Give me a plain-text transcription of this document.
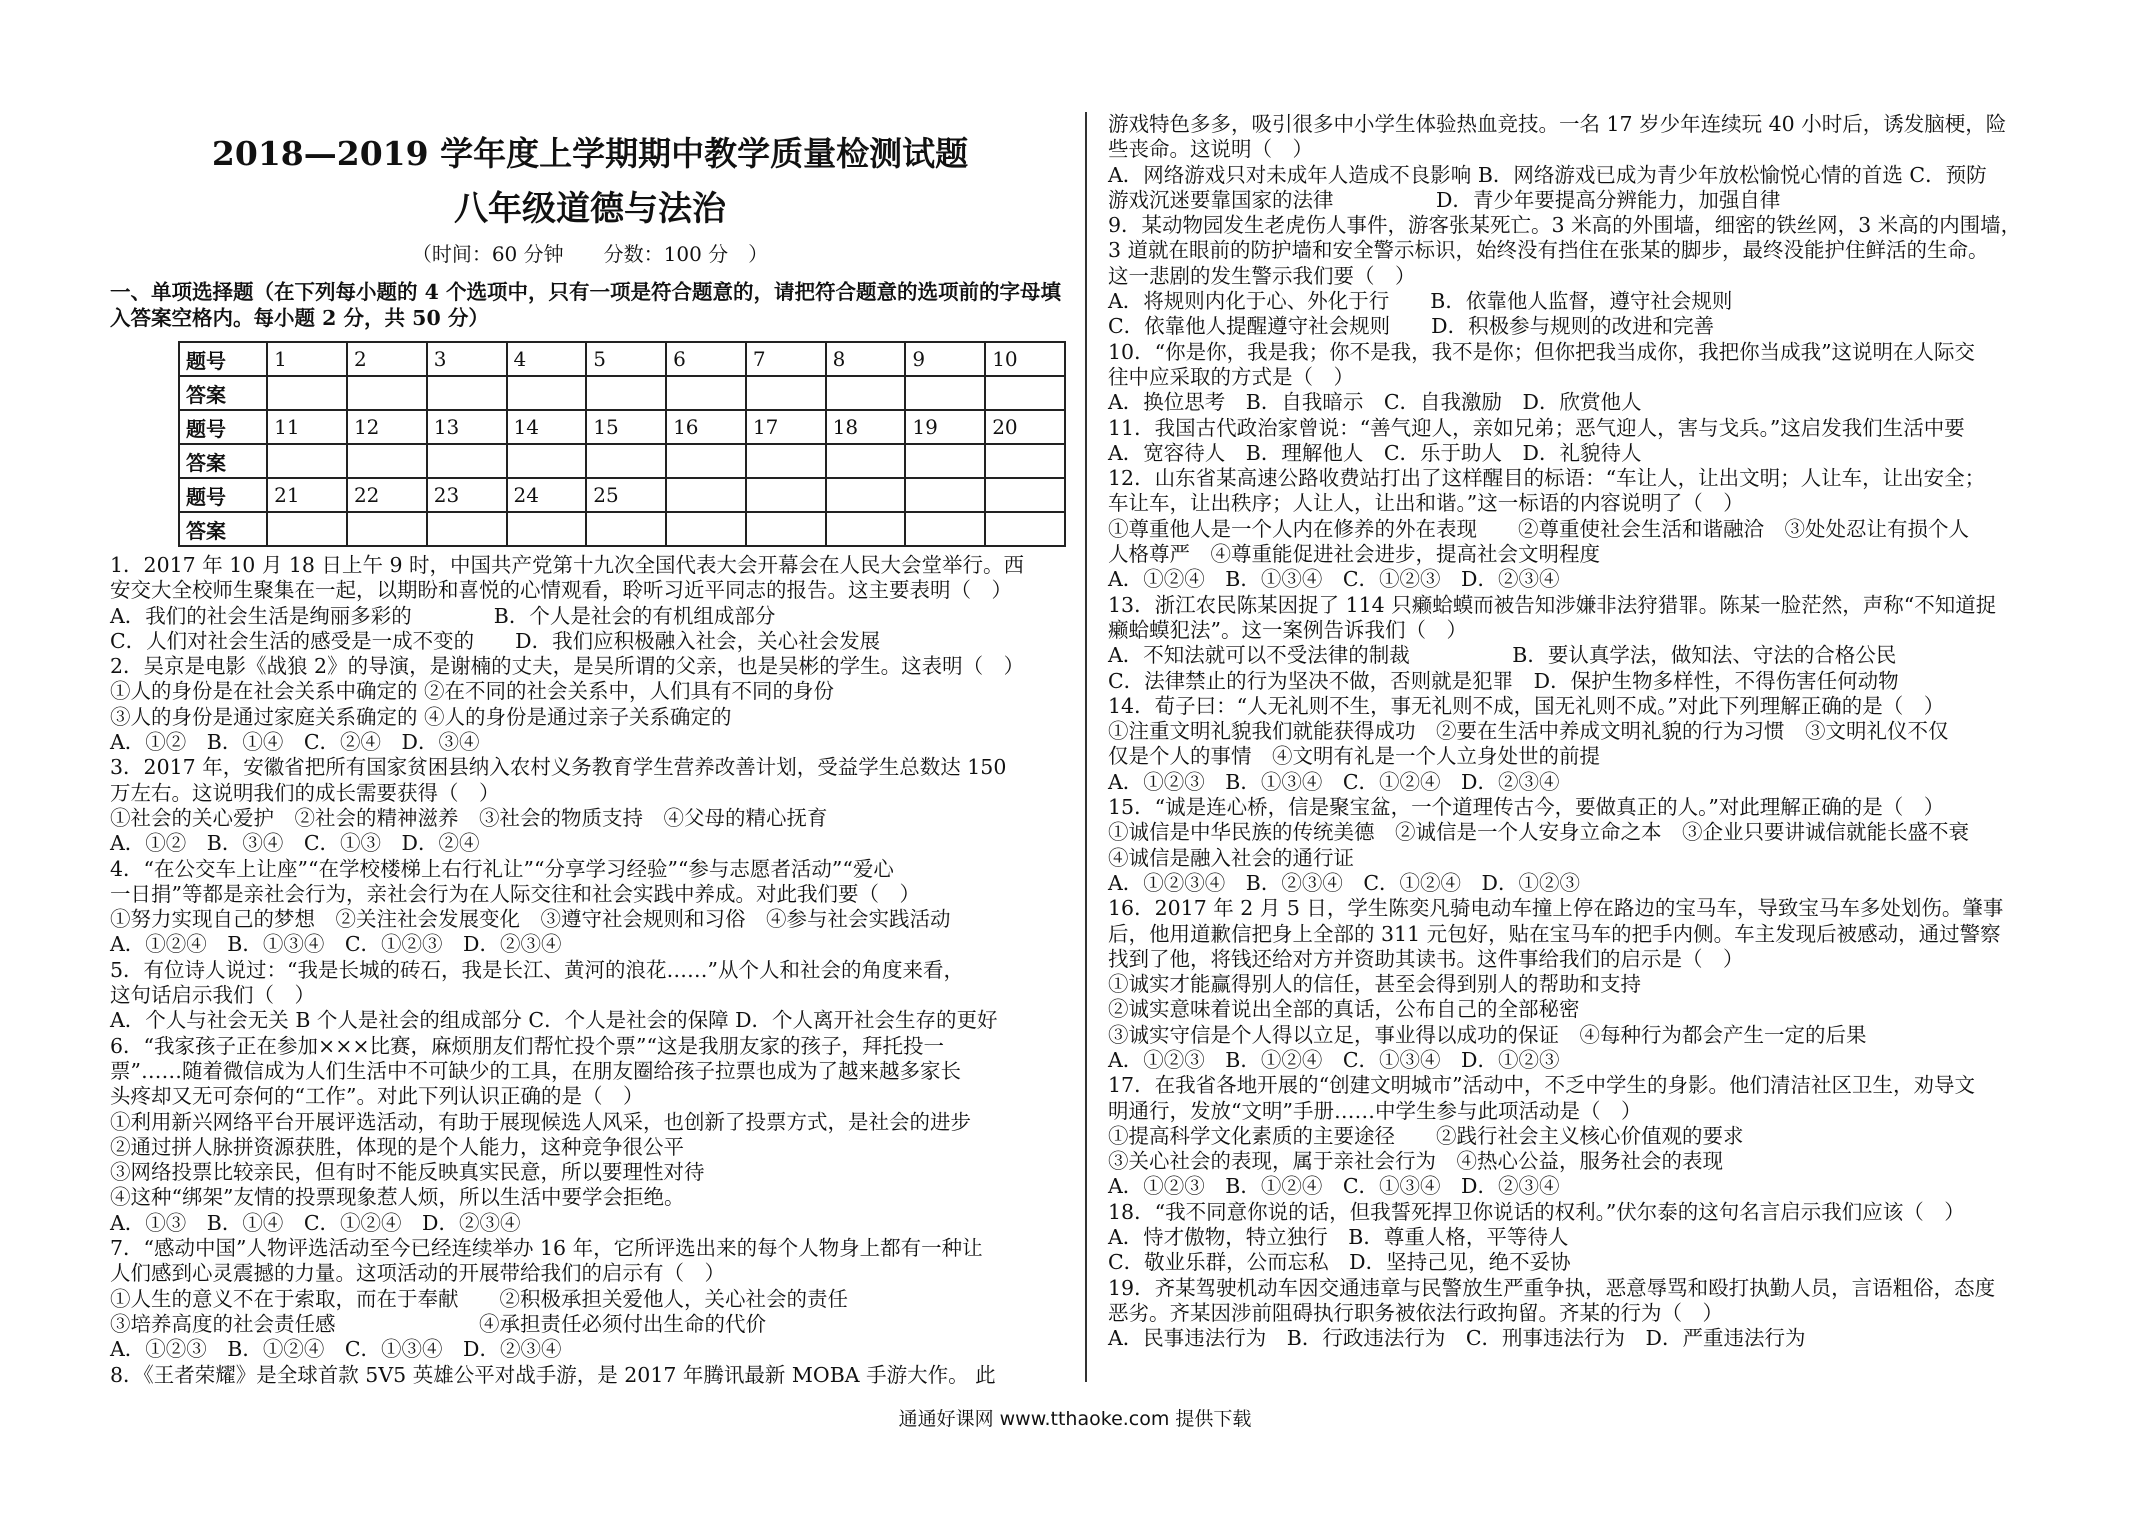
2018—2019 学年度上学期期中教学质量检测试题
八年级道德与法治
（时间：60 分钟　　分数：100 分　）
一、单项选择题（在下列每小题的 4 个选项中，只有一项是符合题意的，请把符合题意的选项前的字母填入答案空格内。每小题 2 分，共 50 分）
题号	1	2	3	4	5	6	7	8	9	10
答案										
题号	11	12	13	14	15	16	17	18	19	20
答案										
题号	21	22	23	24	25					
答案										
1．2017 年 10 月 18 日上午 9 时，中国共产党第十九次全国代表大会开幕会在人民大会堂举行。西
安交大全校师生聚集在一起，以期盼和喜悦的心情观看，聆听习近平同志的报告。这主要表明（　）
A．我们的社会生活是绚丽多彩的　　　　B．个人是社会的有机组成部分
C．人们对社会生活的感受是一成不变的　　D．我们应积极融入社会，关心社会发展
2．吴京是电影《战狼 2》的导演，是谢楠的丈夫，是吴所谓的父亲，也是吴彬的学生。这表明（　）
①人的身份是在社会关系中确定的 ②在不同的社会关系中，人们具有不同的身份
③人的身份是通过家庭关系确定的 ④人的身份是通过亲子关系确定的
A．①②　B．①④　C．②④　D．③④
3．2017 年，安徽省把所有国家贫困县纳入农村义务教育学生营养改善计划，受益学生总数达 150
万左右。这说明我们的成长需要获得（　）
①社会的关心爱护　②社会的精神滋养　③社会的物质支持　④父母的精心抚育
A．①②　B．③④　C．①③　D．②④
4．“在公交车上让座”“在学校楼梯上右行礼让”“分享学习经验”“参与志愿者活动”“爱心
一日捐”等都是亲社会行为，亲社会行为在人际交往和社会实践中养成。对此我们要（　）
①努力实现自己的梦想　②关注社会发展变化　③遵守社会规则和习俗　④参与社会实践活动
A．①②④　B．①③④　C．①②③　D．②③④
5．有位诗人说过：“我是长城的砖石，我是长江、黄河的浪花……”从个人和社会的角度来看，
这句话启示我们（　）
A．个人与社会无关 B 个人是社会的组成部分 C．个人是社会的保障 D．个人离开社会生存的更好
6．“我家孩子正在参加×××比赛，麻烦朋友们帮忙投个票”“这是我朋友家的孩子，拜托投一
票”……随着微信成为人们生活中不可缺少的工具，在朋友圈给孩子拉票也成为了越来越多家长
头疼却又无可奈何的“工作”。对此下列认识正确的是（　）
①利用新兴网络平台开展评选活动，有助于展现候选人风采，也创新了投票方式，是社会的进步
②通过拼人脉拼资源获胜，体现的是个人能力，这种竞争很公平
③网络投票比较亲民，但有时不能反映真实民意，所以要理性对待
④这种“绑架”友情的投票现象惹人烦，所以生活中要学会拒绝。
A．①③　B．①④　C．①②④　D．②③④
7．“感动中国”人物评选活动至今已经连续举办 16 年，它所评选出来的每个人物身上都有一种让
人们感到心灵震撼的力量。这项活动的开展带给我们的启示有（　）
①人生的意义不在于索取，而在于奉献　　②积极承担关爱他人，关心社会的责任
③培养高度的社会责任感　　　　　　　④承担责任必须付出生命的代价
A．①②③　B．①②④　C．①③④　D．②③④
8．《王者荣耀》是全球首款 5V5 英雄公平对战手游，是 2017 年腾讯最新 MOBA 手游大作。 此
游戏特色多多，吸引很多中小学生体验热血竞技。一名 17 岁少年连续玩 40 小时后，诱发脑梗，险
些丧命。这说明（　）
A．网络游戏只对未成年人造成不良影响 B．网络游戏已成为青少年放松愉悦心情的首选 C．预防
游戏沉迷要靠国家的法律　　　　　D．青少年要提高分辨能力，加强自律
9．某动物园发生老虎伤人事件，游客张某死亡。3 米高的外围墙，细密的铁丝网，3 米高的内围墙，
3 道就在眼前的防护墙和安全警示标识，始终没有挡住在张某的脚步，最终没能护住鲜活的生命。
这一悲剧的发生警示我们要（　）
A．将规则内化于心、外化于行　　B．依靠他人监督，遵守社会规则
C．依靠他人提醒遵守社会规则　　D．积极参与规则的改进和完善
10．“你是你，我是我；你不是我，我不是你；但你把我当成你，我把你当成我”这说明在人际交
往中应采取的方式是（　）
A．换位思考　B．自我暗示　C．自我激励　D．欣赏他人
11．我国古代政治家曾说：“善气迎人，亲如兄弟；恶气迎人，害与戈兵。”这启发我们生活中要
A．宽容待人　B．理解他人　C．乐于助人　D．礼貌待人
12．山东省某高速公路收费站打出了这样醒目的标语：“车让人，让出文明；人让车，让出安全；
车让车，让出秩序；人让人，让出和谐。”这一标语的内容说明了（　）
①尊重他人是一个人内在修养的外在表现　　②尊重使社会生活和谐融洽　③处处忍让有损个人
人格尊严　④尊重能促进社会进步，提高社会文明程度
A．①②④　B．①③④　C．①②③　D．②③④
13．浙江农民陈某因捉了 114 只癞蛤蟆而被告知涉嫌非法狩猎罪。陈某一脸茫然，声称“不知道捉
癞蛤蟆犯法”。这一案例告诉我们（　）
A．不知法就可以不受法律的制裁　　　　　B．要认真学法，做知法、守法的合格公民
C．法律禁止的行为坚决不做，否则就是犯罪　D．保护生物多样性，不得伤害任何动物
14．荀子曰：“人无礼则不生，事无礼则不成，国无礼则不成。”对此下列理解正确的是（　）
①注重文明礼貌我们就能获得成功　②要在生活中养成文明礼貌的行为习惯　③文明礼仪不仅
仅是个人的事情　④文明有礼是一个人立身处世的前提
A．①②③　B．①③④　C．①②④　D．②③④
15．“诚是连心桥，信是聚宝盆，一个道理传古今，要做真正的人。”对此理解正确的是（　）
①诚信是中华民族的传统美德　②诚信是一个人安身立命之本　③企业只要讲诚信就能长盛不衰
④诚信是融入社会的通行证
A．①②③④　B．②③④　C．①②④　D．①②③
16．2017 年 2 月 5 日，学生陈奕凡骑电动车撞上停在路边的宝马车，导致宝马车多处划伤。肇事
后，他用道歉信把身上全部的 311 元包好，贴在宝马车的把手内侧。车主发现后被感动，通过警察
找到了他，将钱还给对方并资助其读书。这件事给我们的启示是（　）
①诚实才能赢得别人的信任，甚至会得到别人的帮助和支持
②诚实意味着说出全部的真话，公布自己的全部秘密
③诚实守信是个人得以立足，事业得以成功的保证　④每种行为都会产生一定的后果
A．①②③　B．①②④　C．①③④　D．①②③
17．在我省各地开展的“创建文明城市”活动中，不乏中学生的身影。他们清洁社区卫生，劝导文
明通行，发放“文明”手册……中学生参与此项活动是（　）
①提高科学文化素质的主要途径　　②践行社会主义核心价值观的要求
③关心社会的表现，属于亲社会行为　④热心公益，服务社会的表现
A．①②③　B．①②④　C．①③④　D．②③④
18．“我不同意你说的话，但我誓死捍卫你说话的权利。”伏尔泰的这句名言启示我们应该（　）
A．恃才傲物，特立独行　B．尊重人格，平等待人
C．敬业乐群，公而忘私　D．坚持己见，绝不妥协
19．齐某驾驶机动车因交通违章与民警放生严重争执，恶意辱骂和殴打执勤人员，言语粗俗，态度
恶劣。齐某因涉前阻碍执行职务被依法行政拘留。齐某的行为（　）
A．民事违法行为　B．行政违法行为　C．刑事违法行为　D．严重违法行为
通通好课网 www.tthaoke.com 提供下载
